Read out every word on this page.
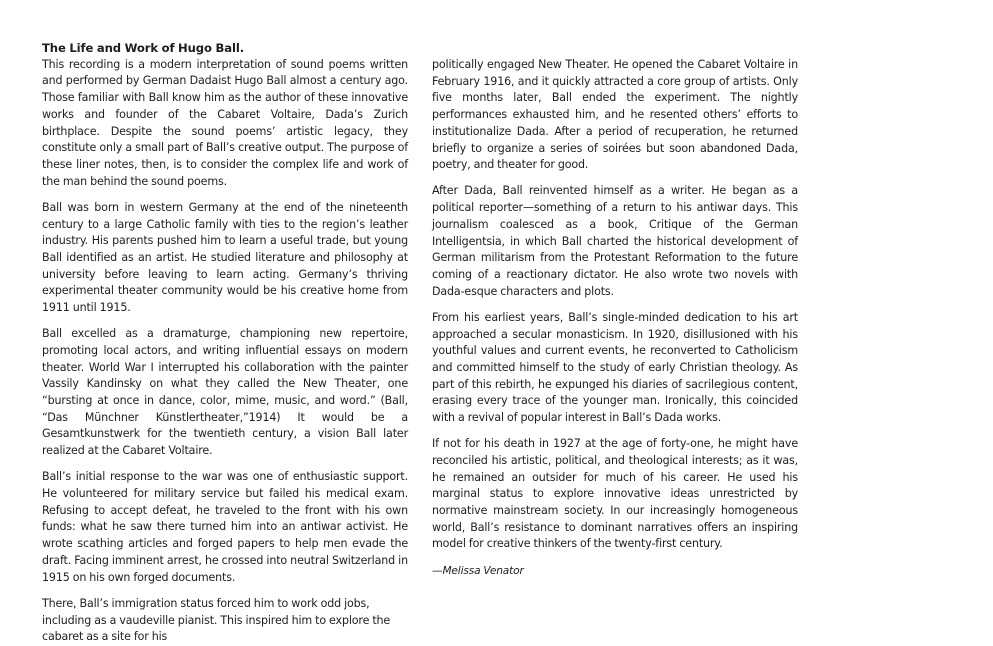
The Life and Work of Hugo Ball.

This recording is a modern interpretation of sound poems written and performed by German Dadaist Hugo Ball almost a century ago. Those familiar with Ball know him as the author of these innovative works and founder of the Cabaret Voltaire, Dada’s Zurich birthplace. Despite the sound poems’ artistic legacy, they constitute only a small part of Ball’s creative output. The purpose of these liner notes, then, is to consider the complex life and work of the man behind the sound poems.

Ball was born in western Germany at the end of the nineteenth century to a large Catholic family with ties to the region’s leather industry. His parents pushed him to learn a useful trade, but young Ball identified as an artist. He studied literature and philosophy at university before leaving to learn acting. Germany’s thriving experimental theater community would be his creative home from 1911 until 1915.

Ball excelled as a dramaturge, championing new repertoire, promoting local actors, and writing influential essays on modern theater. World War I interrupted his collaboration with the painter Vassily Kandinsky on what they called the New Theater, one “bursting at once in dance, color, mime, music, and word.” (Ball, “Das Münchner Künstlertheater,”1914) It would be a Gesamtkunstwerk for the twentieth century, a vision Ball later realized at the Cabaret Voltaire.

Ball’s initial response to the war was one of enthusiastic support. He volunteered for military service but failed his medical exam. Refusing to accept defeat, he traveled to the front with his own funds: what he saw there turned him into an antiwar activist. He wrote scathing articles and forged papers to help men evade the draft. Facing imminent arrest, he crossed into neutral Switzerland in 1915 on his own forged documents.

There, Ball’s immigration status forced him to work odd jobs, including as a vaudeville pianist. This inspired him to explore the cabaret as a site for his

politically engaged New Theater. He opened the Cabaret Voltaire in February 1916, and it quickly attracted a core group of artists. Only five months later, Ball ended the experiment. The nightly performances exhausted him, and he resented others’ efforts to institutionalize Dada. After a period of recuperation, he returned briefly to organize a series of soirées but soon abandoned Dada, poetry, and theater for good.

After Dada, Ball reinvented himself as a writer. He began as a political reporter—something of a return to his antiwar days. This journalism coalesced as a book, Critique of the German Intelligentsia, in which Ball charted the historical development of German militarism from the Protestant Reformation to the future coming of a reactionary dictator. He also wrote two novels with Dada-esque characters and plots.

From his earliest years, Ball’s single-minded dedication to his art approached a secular monasticism. In 1920, disillusioned with his youthful values and current events, he reconverted to Catholicism and committed himself to the study of early Christian theology. As part of this rebirth, he expunged his diaries of sacrilegious content, erasing every trace of the younger man. Ironically, this coincided with a revival of popular interest in Ball’s Dada works.

If not for his death in 1927 at the age of forty-one, he might have reconciled his artistic, political, and theological interests; as it was, he remained an outsider for much of his career. He used his marginal status to explore innovative ideas unrestricted by normative mainstream society. In our increasingly homogeneous world, Ball’s resistance to dominant narratives offers an inspiring model for creative thinkers of the twenty-first century.

—Melissa Venator
